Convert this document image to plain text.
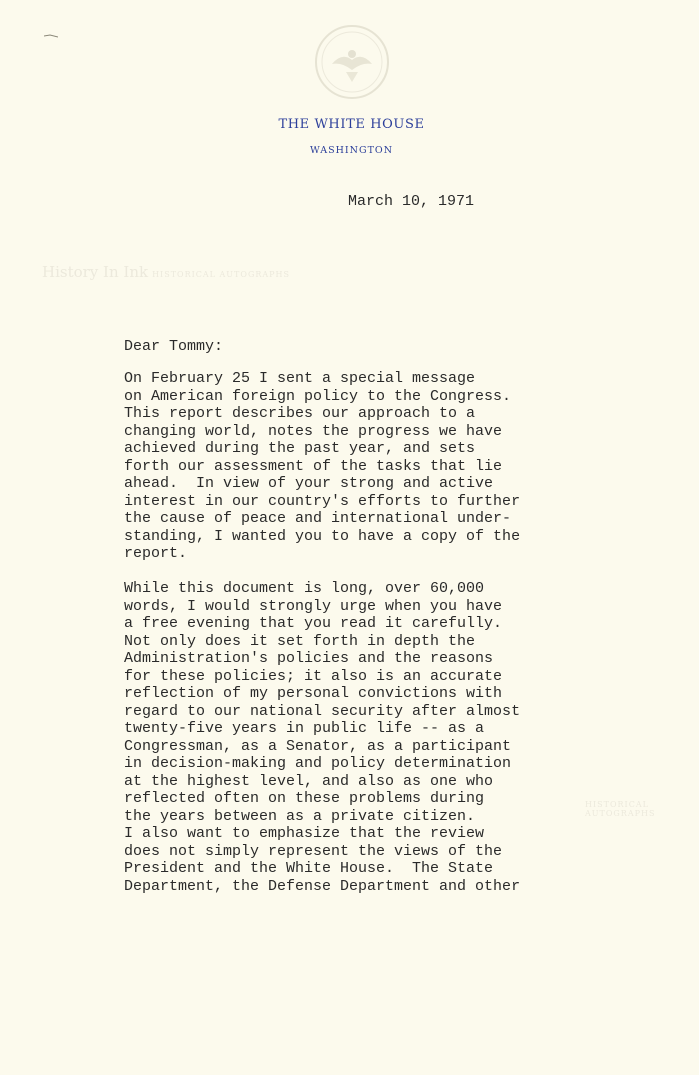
THE WHITE HOUSE
WASHINGTON
March 10, 1971
History In Ink HISTORICAL AUTOGRAPHS
HISTORICAL AUTOGRAPHS
Dear Tommy:
On February 25 I sent a special message
on American foreign policy to the Congress.
This report describes our approach to a
changing world, notes the progress we have
achieved during the past year, and sets
forth our assessment of the tasks that lie
ahead.  In view of your strong and active
interest in our country's efforts to further
the cause of peace and international under-
standing, I wanted you to have a copy of the
report.
While this document is long, over 60,000
words, I would strongly urge when you have
a free evening that you read it carefully.
Not only does it set forth in depth the
Administration's policies and the reasons
for these policies; it also is an accurate
reflection of my personal convictions with
regard to our national security after almost
twenty-five years in public life -- as a
Congressman, as a Senator, as a participant
in decision-making and policy determination
at the highest level, and also as one who
reflected often on these problems during
the years between as a private citizen.
I also want to emphasize that the review
does not simply represent the views of the
President and the White House.  The State
Department, the Defense Department and other
